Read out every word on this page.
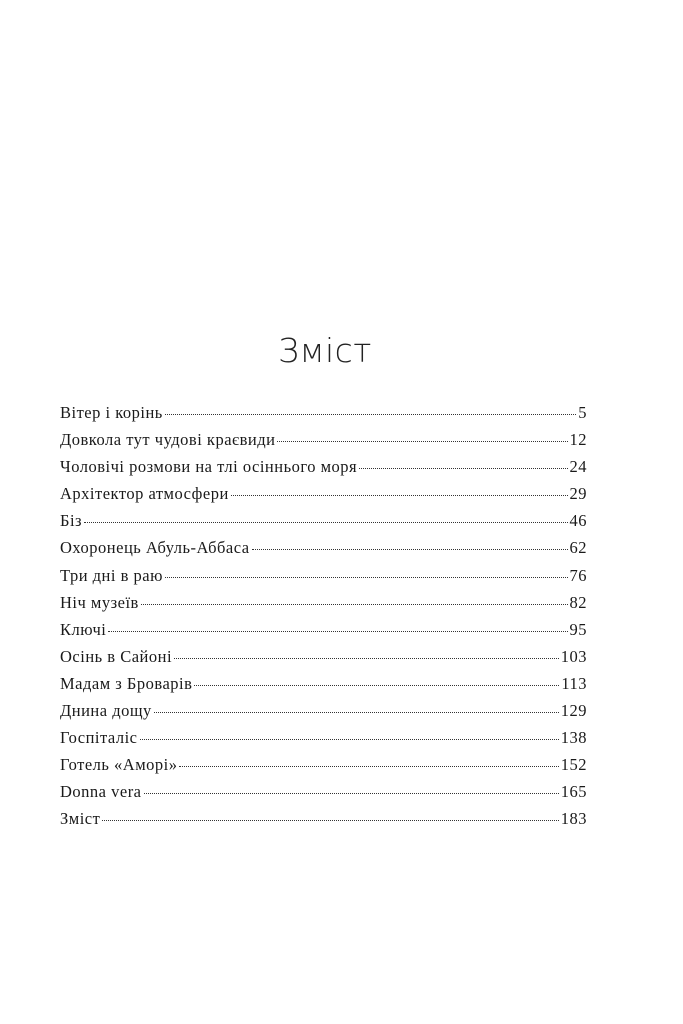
Зміст
Вітер і корінь	5
Довкола тут чудові краєвиди	12
Чоловічі розмови на тлі осіннього моря	24
Архітектор атмосфери	29
Біз	46
Охоронець Абуль-Аббаса	62
Три дні в раю	76
Ніч музеїв	82
Ключі	95
Осінь в Сайоні	103
Мадам з Броварів	113
Днина дощу	129
Госпіталіс	138
Готель «Аморі»	152
Donna vera	165
Зміст	183
